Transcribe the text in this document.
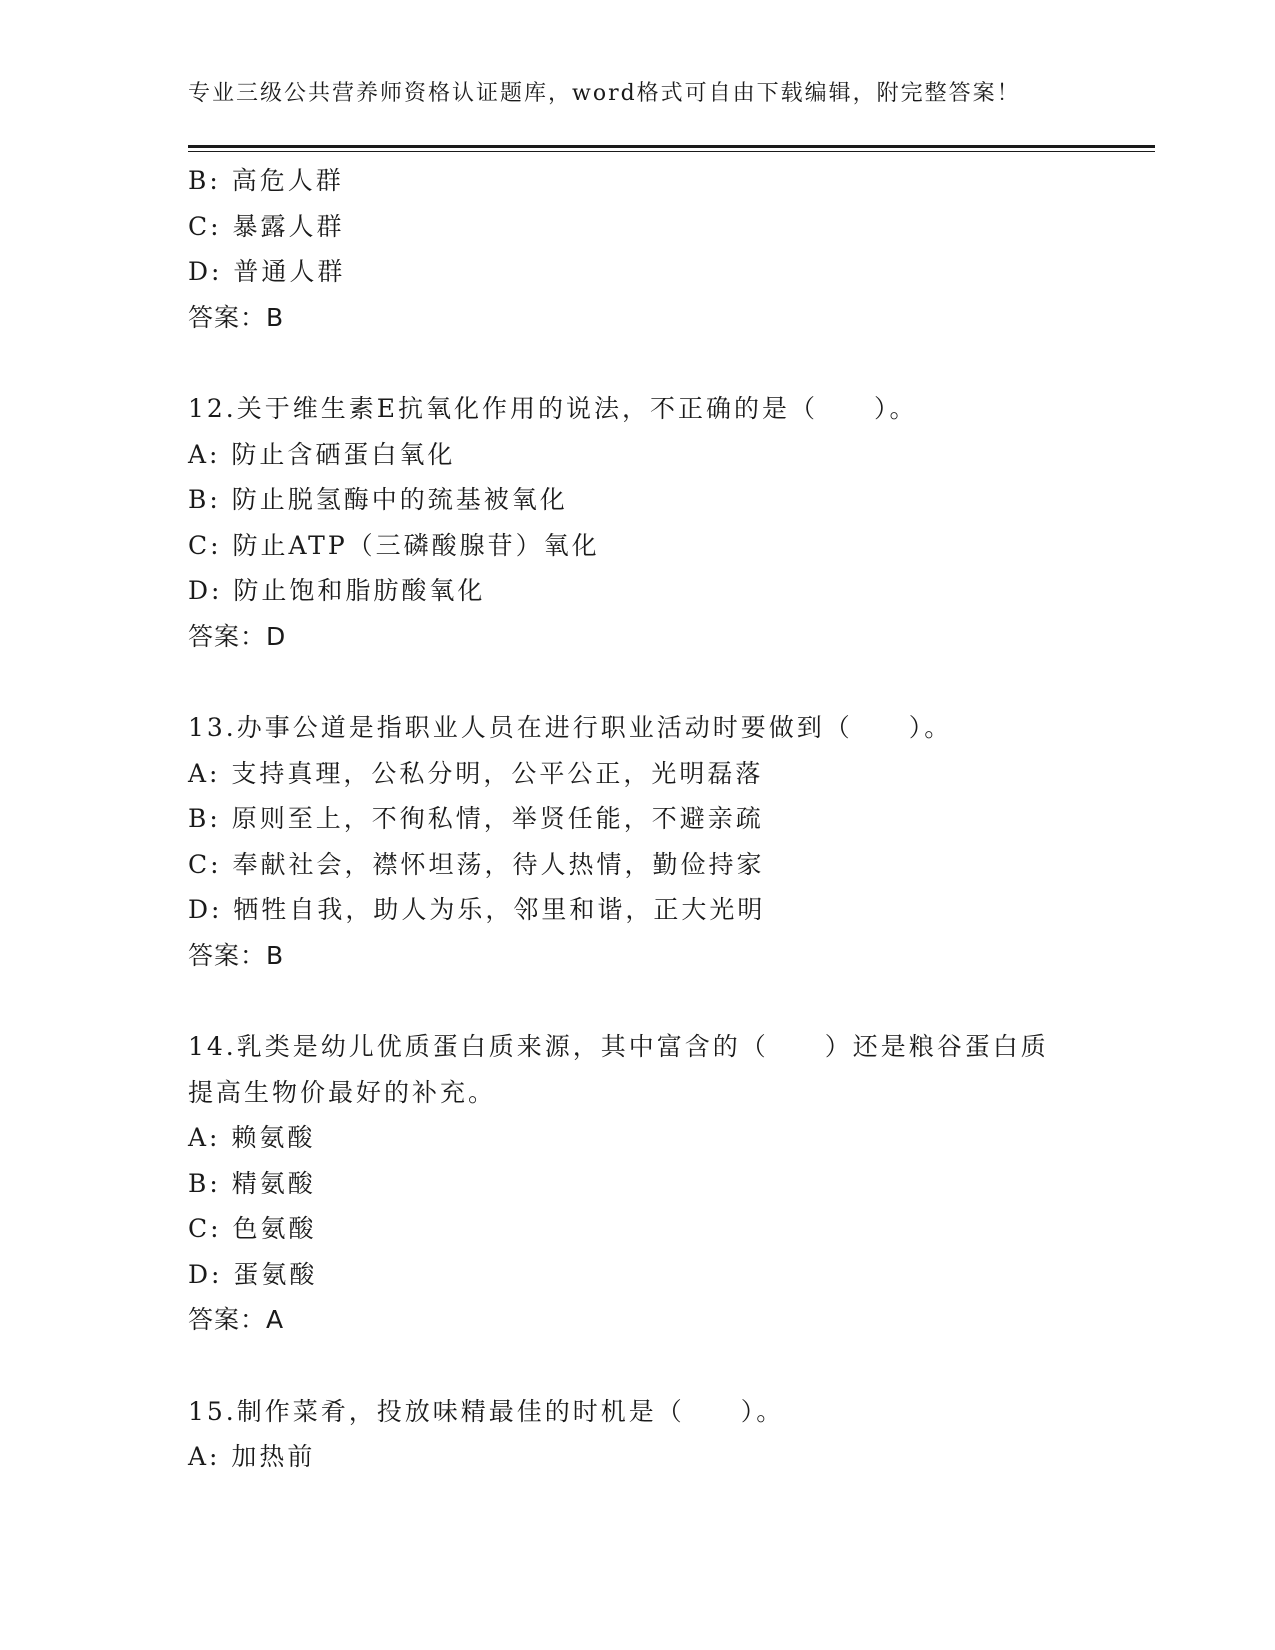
专业三级公共营养师资格认证题库，word格式可自由下载编辑，附完整答案！
B: 高危人群
C: 暴露人群
D: 普通人群
答案：B
12.关于维生素E抗氧化作用的说法，不正确的是（　　）。
A: 防止含硒蛋白氧化
B: 防止脱氢酶中的巯基被氧化
C: 防止ATP（三磷酸腺苷）氧化
D: 防止饱和脂肪酸氧化
答案：D
13.办事公道是指职业人员在进行职业活动时要做到（　　）。
A: 支持真理，公私分明，公平公正，光明磊落
B: 原则至上，不徇私情，举贤任能，不避亲疏
C: 奉献社会，襟怀坦荡，待人热情，勤俭持家
D: 牺牲自我，助人为乐，邻里和谐，正大光明
答案：B
14.乳类是幼儿优质蛋白质来源，其中富含的（　　）还是粮谷蛋白质
提高生物价最好的补充。
A: 赖氨酸
B: 精氨酸
C: 色氨酸
D: 蛋氨酸
答案：A
15.制作菜肴，投放味精最佳的时机是（　　）。
A: 加热前
